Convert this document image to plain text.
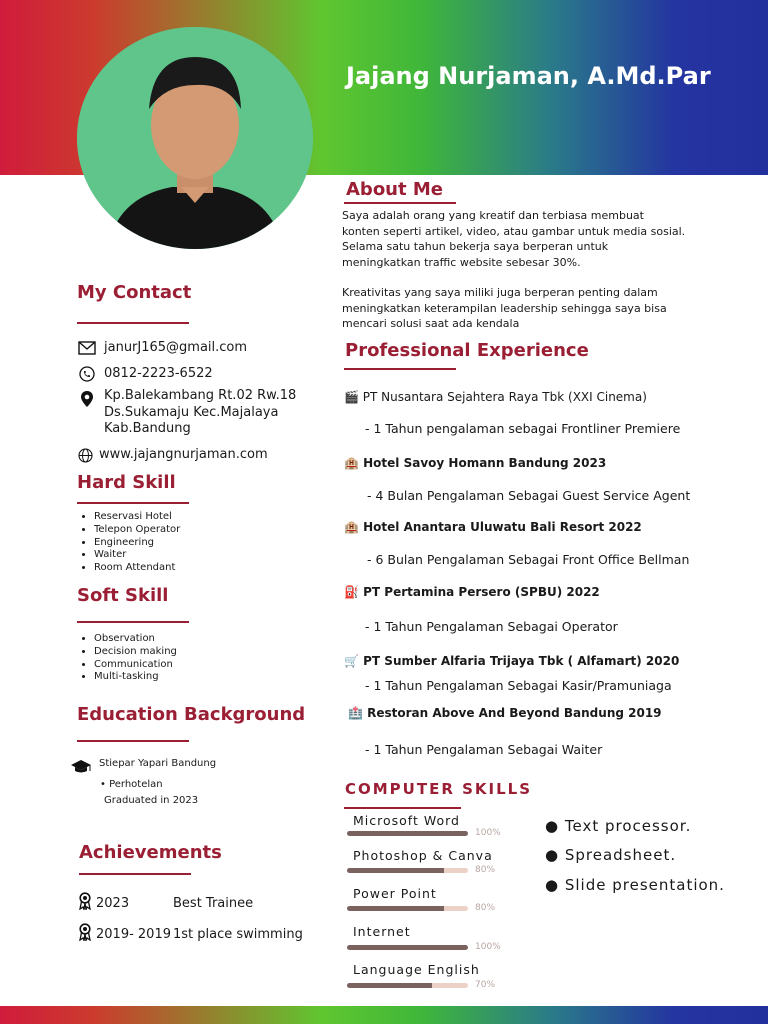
Jajang Nurjaman, A.Md.Par
About Me

Saya adalah orang yang kreatif dan terbiasa membuat

konten seperti artikel, video, atau gambar untuk media sosial.

Selama satu tahun bekerja saya berperan untuk

meningkatkan traffic website sebesar 30%.

Kreativitas yang saya miliki juga berperan penting dalam

meningkatkan keterampilan leadership sehingga saya bisa

mencari solusi saat ada kendala

My Contact
janurJ165@gmail.com
0812-2223-6522
Kp.Balekambang Rt.02 Rw.18
Ds.Sukamaju Kec.Majalaya
Kab.Bandung
www.jajangnurjaman.com
Hard Skill
• Reservasi Hotel
• Telepon Operator
• Engineering
• Waiter
• Room Attendant
Soft Skill
• Observation
• Decision making
• Communication
• Multi-tasking
Education Background
Stiepar Yapari Bandung
• Perhotelan
Graduated in 2023
Achievements
2023	Best Trainee
2019- 2019 1st place swimming
Professional Experience
🎬 PT Nusantara Sejahtera Raya Tbk (XXI Cinema)
- 1 Tahun pengalaman sebagai Frontliner Premiere
🏨 Hotel Savoy Homann Bandung 2023
- 4 Bulan Pengalaman Sebagai Guest Service Agent
🏨 Hotel Anantara Uluwatu Bali Resort 2022
- 6 Bulan Pengalaman Sebagai Front Office Bellman
⛽ PT Pertamina Persero (SPBU) 2022
- 1 Tahun Pengalaman Sebagai Operator
🛒 PT Sumber Alfaria Trijaya Tbk ( Alfamart) 2020
- 1 Tahun Pengalaman Sebagai Kasir/Pramuniaga
🏥 Restoran Above And Beyond Bandung 2019
- 1 Tahun Pengalaman Sebagai Waiter
COMPUTER SKILLS
Microsoft Word
100%
Photoshop & Canva
80%
Power Point
80%
Internet
100%
Language English
70%
● Text processor.
● Spreadsheet.
● Slide presentation.
